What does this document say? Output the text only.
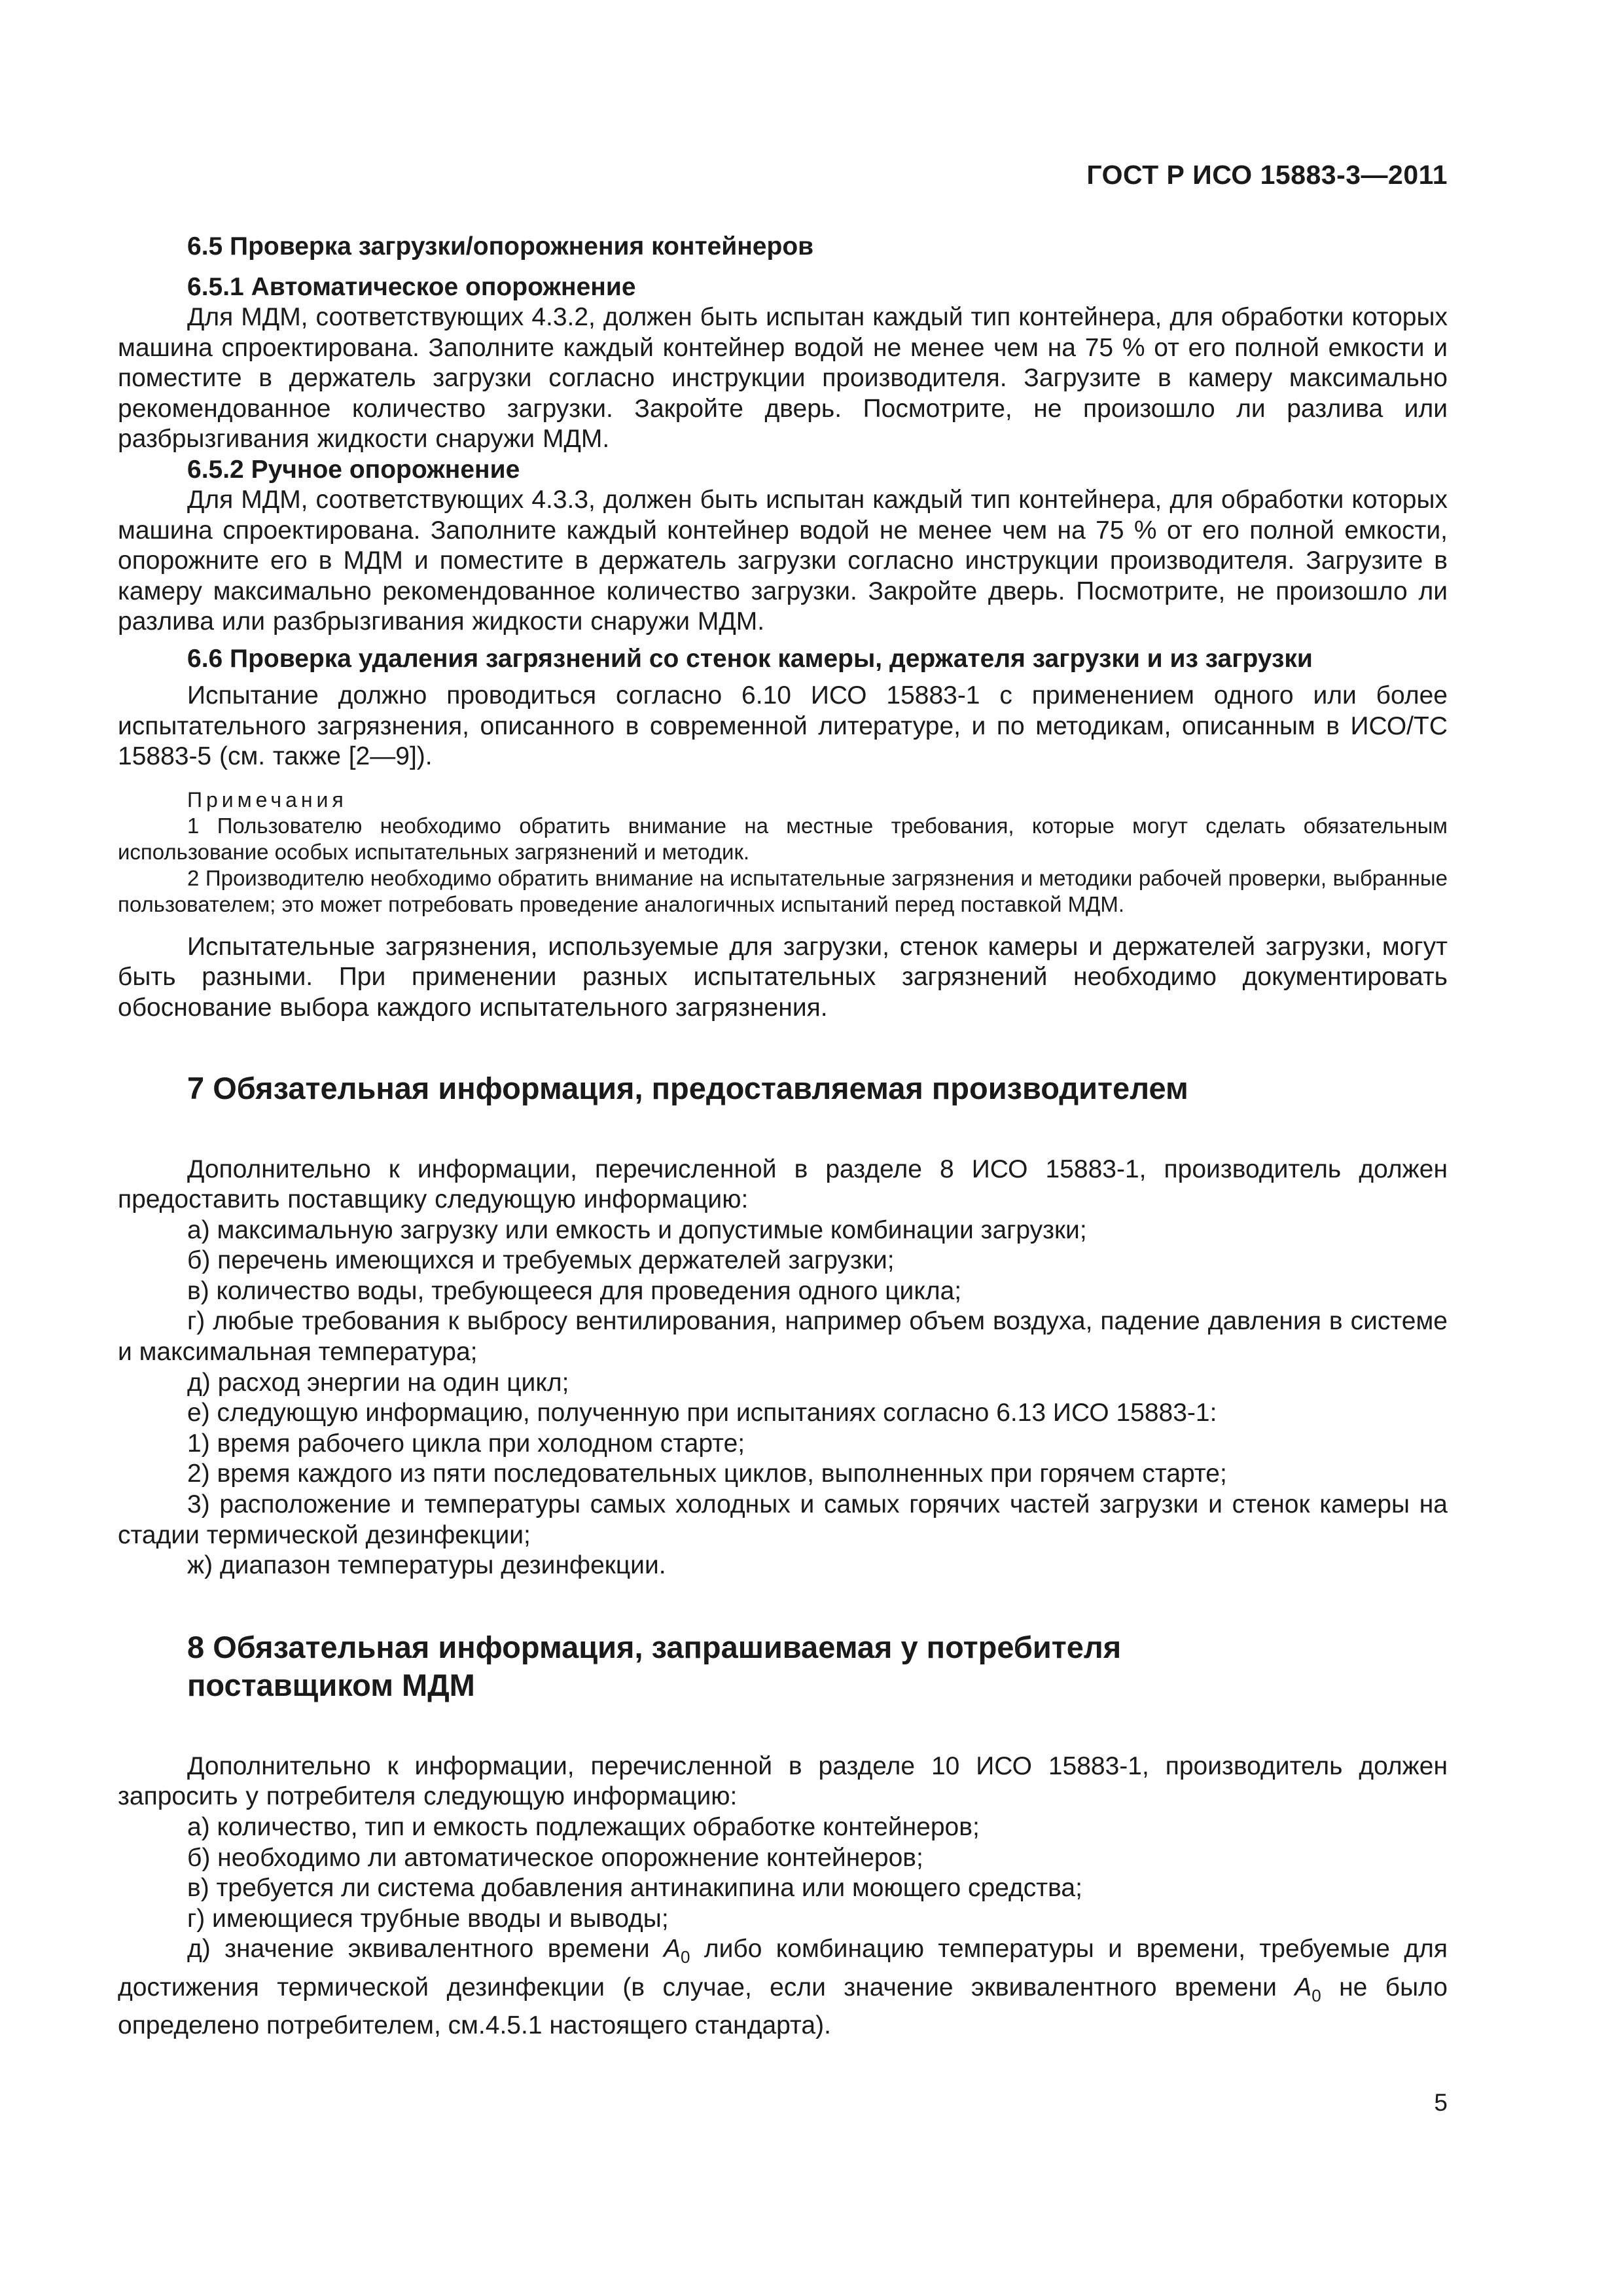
ГОСТ Р ИСО 15883-3—2011

6.5 Проверка загрузки/опорожнения контейнеров

6.5.1 Автоматическое опорожнение

Для МДМ, соответствующих 4.3.2, должен быть испытан каждый тип контейнера, для обработки которых машина спроектирована. Заполните каждый контейнер водой не менее чем на 75 % от его полной емкости и поместите в держатель загрузки согласно инструкции производителя. Загрузите в камеру максимально рекомендованное количество загрузки. Закройте дверь. Посмотрите, не произошло ли разлива или разбрызгивания жидкости снаружи МДМ.

6.5.2 Ручное опорожнение

Для МДМ, соответствующих 4.3.3, должен быть испытан каждый тип контейнера, для обработки которых машина спроектирована. Заполните каждый контейнер водой не менее чем на 75 % от его полной емкости, опорожните его в МДМ и поместите в держатель загрузки согласно инструкции производителя. Загрузите в камеру максимально рекомендованное количество загрузки. Закройте дверь. Посмотрите, не произошло ли разлива или разбрызгивания жидкости снаружи МДМ.

6.6 Проверка удаления загрязнений со стенок камеры, держателя загрузки и из загрузки

Испытание должно проводиться согласно 6.10 ИСО 15883-1 с применением одного или более испытательного загрязнения, описанного в современной литературе, и по методикам, описанным в ИСО/ТС 15883-5 (см. также [2—9]).

Примечания

1 Пользователю необходимо обратить внимание на местные требования, которые могут сделать обязательным использование особых испытательных загрязнений и методик.

2 Производителю необходимо обратить внимание на испытательные загрязнения и методики рабочей проверки, выбранные пользователем; это может потребовать проведение аналогичных испытаний перед поставкой МДМ.

Испытательные загрязнения, используемые для загрузки, стенок камеры и держателей загрузки, могут быть разными. При применении разных испытательных загрязнений необходимо документировать обоснование выбора каждого испытательного загрязнения.

7 Обязательная информация, предоставляемая производителем

Дополнительно к информации, перечисленной в разделе 8 ИСО 15883-1, производитель должен предоставить поставщику следующую информацию:

а) максимальную загрузку или емкость и допустимые комбинации загрузки;

б) перечень имеющихся и требуемых держателей загрузки;

в) количество воды, требующееся для проведения одного цикла;

г) любые требования к выбросу вентилирования, например объем воздуха, падение давления в системе и максимальная температура;

д) расход энергии на один цикл;

е) следующую информацию, полученную при испытаниях согласно 6.13 ИСО 15883-1:

1) время рабочего цикла при холодном старте;

2) время каждого из пяти последовательных циклов, выполненных при горячем старте;

3) расположение и температуры самых холодных и самых горячих частей загрузки и стенок камеры на стадии термической дезинфекции;

ж) диапазон температуры дезинфекции.

8 Обязательная информация, запрашиваемая у потребителя
поставщиком МДМ

Дополнительно к информации, перечисленной в разделе 10 ИСО 15883-1, производитель должен запросить у потребителя следующую информацию:

а) количество, тип и емкость подлежащих обработке контейнеров;

б) необходимо ли автоматическое опорожнение контейнеров;

в) требуется ли система добавления антинакипина или моющего средства;

г) имеющиеся трубные вводы и выводы;

д) значение эквивалентного времени $A_0$ либо комбинацию температуры и времени, требуемые для достижения термической дезинфекции (в случае, если значение эквивалентного времени $A_0$ не было определено потребителем, см.4.5.1 настоящего стандарта).

5
